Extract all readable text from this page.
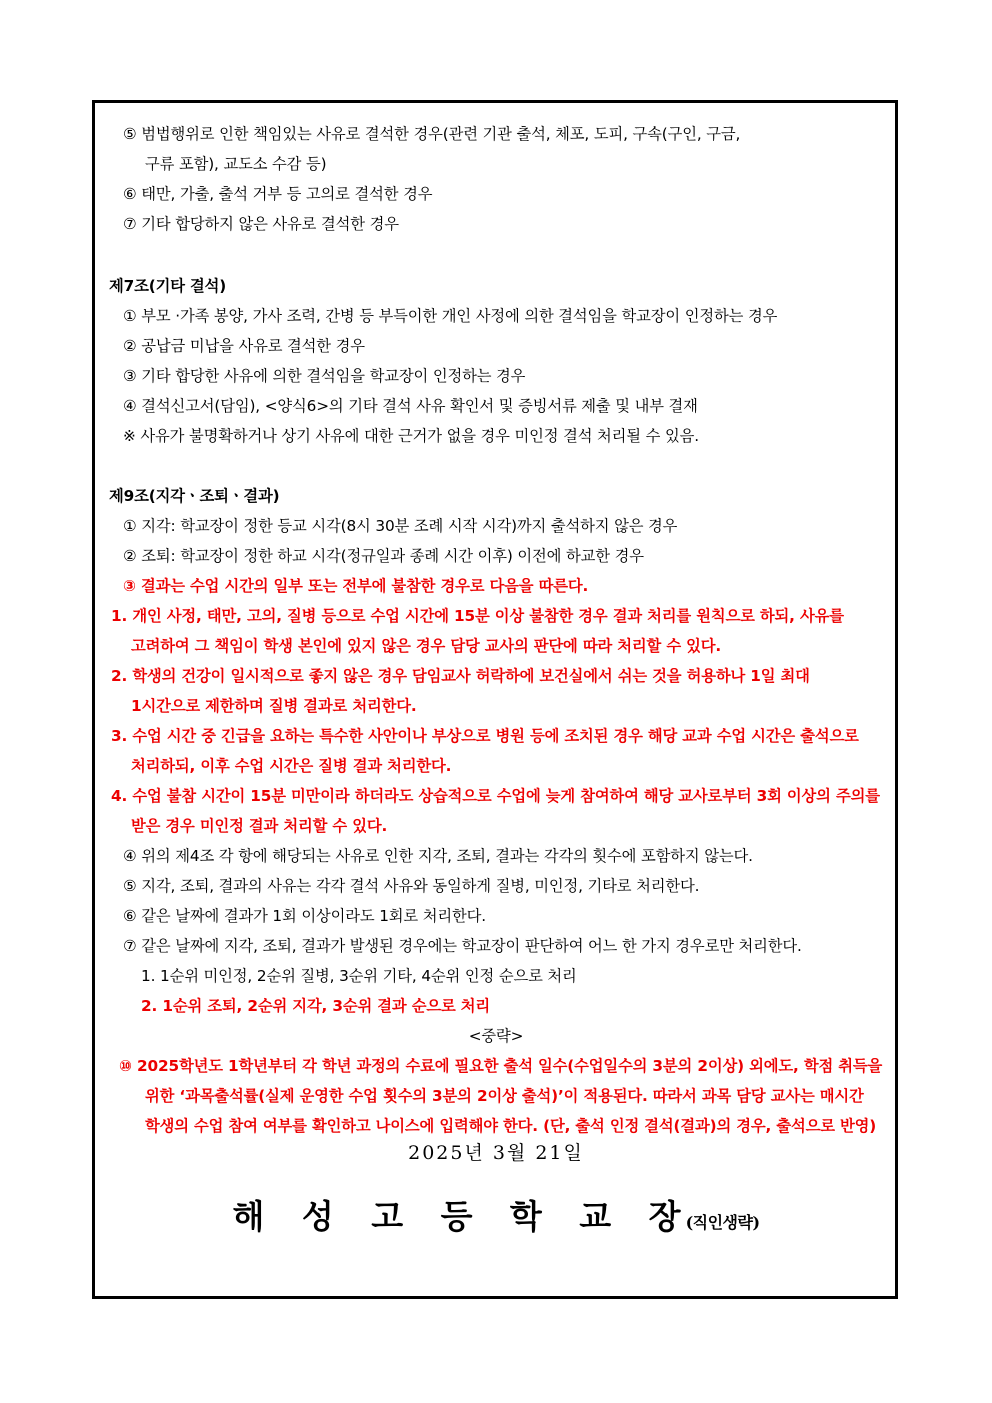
⑤ 범법행위로 인한 책임있는 사유로 결석한 경우(관련 기관 출석, 체포, 도피, 구속(구인, 구금,
구류 포함), 교도소 수감 등)
⑥ 태만, 가출, 출석 거부 등 고의로 결석한 경우
⑦ 기타 합당하지 않은 사유로 결석한 경우
제7조(기타 결석)
① 부모 ·가족 봉양, 가사 조력, 간병 등 부득이한 개인 사정에 의한 결석임을 학교장이 인정하는 경우
② 공납금 미납을 사유로 결석한 경우
③ 기타 합당한 사유에 의한 결석임을 학교장이 인정하는 경우
④ 결석신고서(담임), <양식6>의 기타 결석 사유 확인서 및 증빙서류 제출 및 내부 결재
※ 사유가 불명확하거나 상기 사유에 대한 근거가 없을 경우 미인정 결석 처리될 수 있음.
제9조(지각ㆍ조퇴ㆍ결과)
① 지각: 학교장이 정한 등교 시각(8시 30분 조례 시작 시각)까지 출석하지 않은 경우
② 조퇴: 학교장이 정한 하교 시각(정규일과 종례 시간 이후) 이전에 하교한 경우
③ 결과는 수업 시간의 일부 또는 전부에 불참한 경우로 다음을 따른다.
1. 개인 사정, 태만, 고의, 질병 등으로 수업 시간에 15분 이상 불참한 경우 결과 처리를 원칙으로 하되, 사유를 고려하여 그 책임이 학생 본인에 있지 않은 경우 담당 교사의 판단에 따라 처리할 수 있다.
2. 학생의 건강이 일시적으로 좋지 않은 경우 담임교사 허락하에 보건실에서 쉬는 것을 허용하나 1일 최대 1시간으로 제한하며 질병 결과로 처리한다.
3. 수업 시간 중 긴급을 요하는 특수한 사안이나 부상으로 병원 등에 조치된 경우 해당 교과 수업 시간은 출석으로 처리하되, 이후 수업 시간은 질병 결과 처리한다.
4. 수업 불참 시간이 15분 미만이라 하더라도 상습적으로 수업에 늦게 참여하여 해당 교사로부터 3회 이상의 주의를 받은 경우 미인정 결과 처리할 수 있다.
④ 위의 제4조 각 항에 해당되는 사유로 인한 지각, 조퇴, 결과는 각각의 횟수에 포함하지 않는다.
⑤ 지각, 조퇴, 결과의 사유는 각각 결석 사유와 동일하게 질병, 미인정, 기타로 처리한다.
⑥ 같은 날짜에 결과가 1회 이상이라도 1회로 처리한다.
⑦ 같은 날짜에 지각, 조퇴, 결과가 발생된 경우에는 학교장이 판단하여 어느 한 가지 경우로만 처리한다.
1. 1순위 미인정, 2순위 질병, 3순위 기타, 4순위 인정 순으로 처리
2. 1순위 조퇴, 2순위 지각, 3순위 결과 순으로 처리
<중략>
⑩ 2025학년도 1학년부터 각 학년 과정의 수료에 필요한 출석 일수(수업일수의 3분의 2이상) 외에도, 학점 취득을 위한 ‘과목출석률(실제 운영한 수업 횟수의 3분의 2이상 출석)’이 적용된다. 따라서 과목 담당 교사는 매시간 학생의 수업 참여 여부를 확인하고 나이스에 입력해야 한다. (단, 출석 인정 결석(결과)의 경우, 출석으로 반영)
2025년 3월 21일
해 성 고 등 학 교 장(직인생략)
